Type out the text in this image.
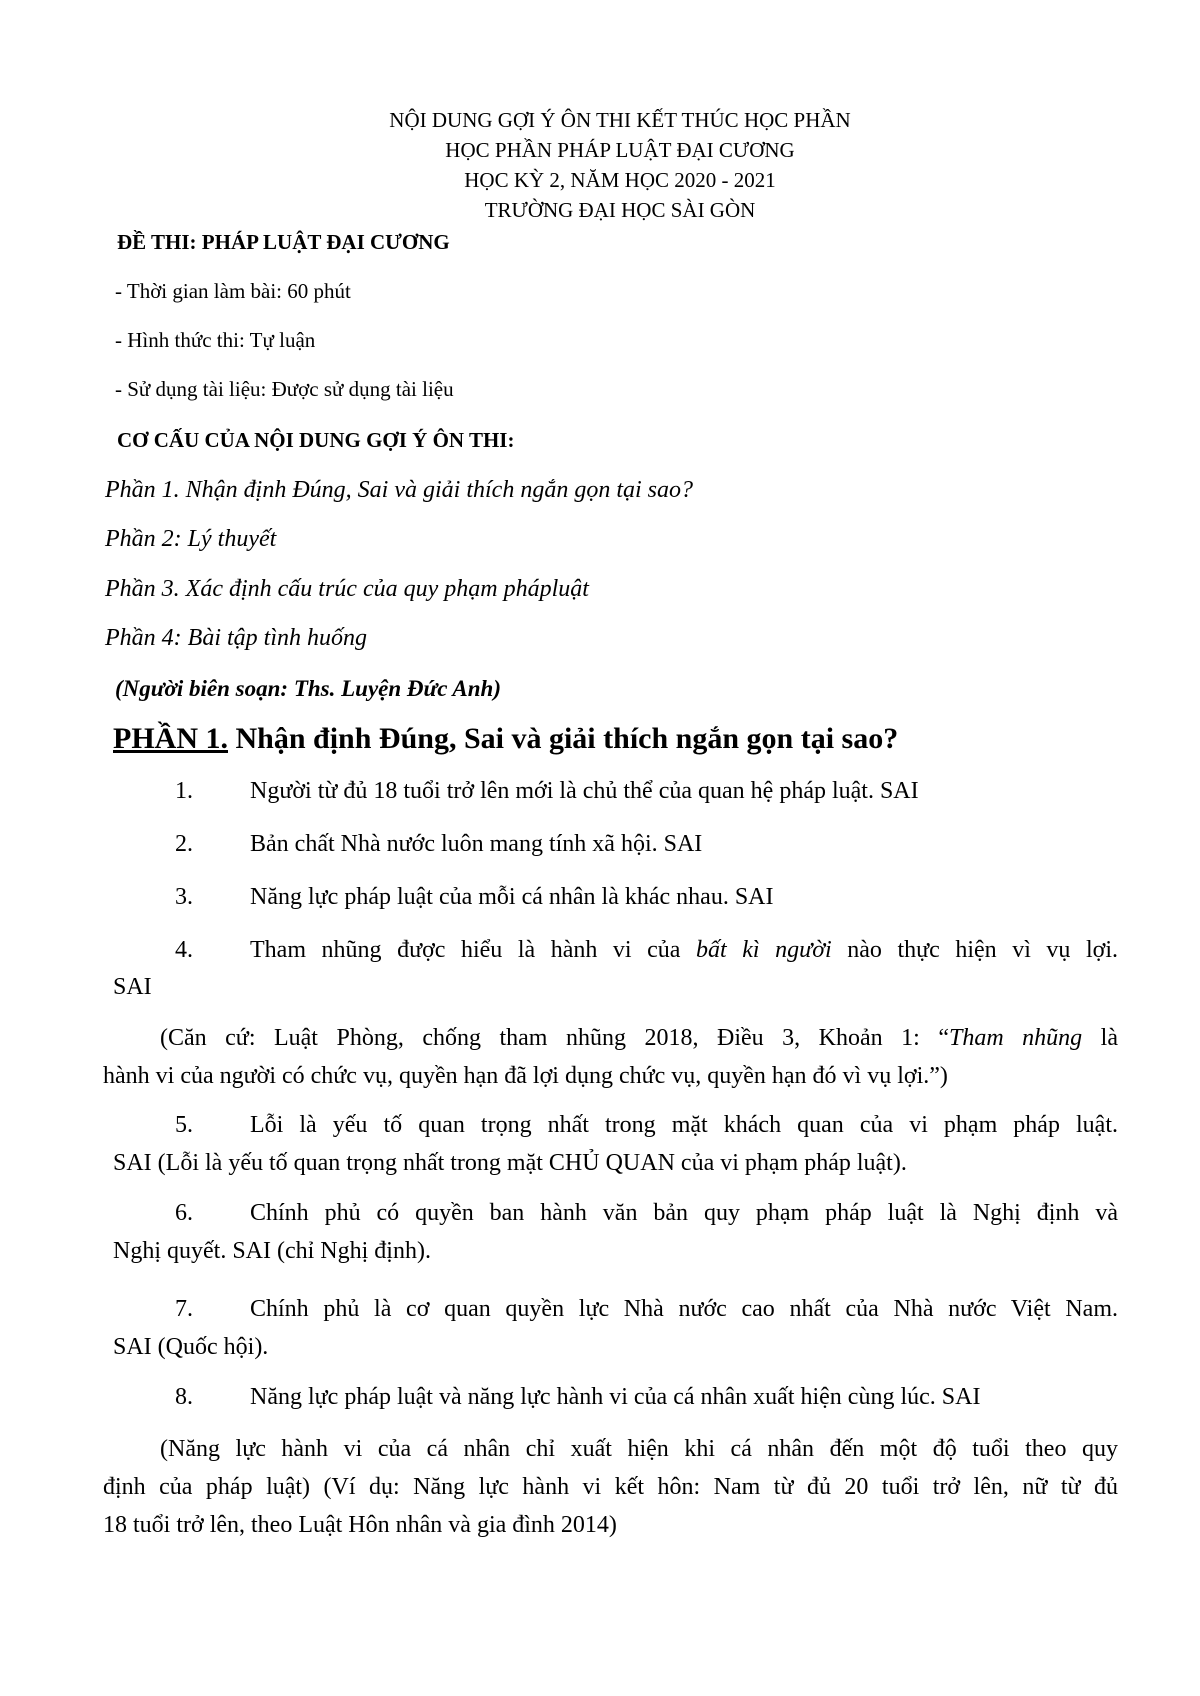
NỘI DUNG GỢI Ý ÔN THI KẾT THÚC HỌC PHẦN
HỌC PHẦN PHÁP LUẬT ĐẠI CƯƠNG
HỌC KỲ 2, NĂM HỌC 2020 - 2021
TRƯỜNG ĐẠI HỌC SÀI GÒN
ĐỀ THI: PHÁP LUẬT ĐẠI CƯƠNG
- Thời gian làm bài: 60 phút
- Hình thức thi: Tự luận
- Sử dụng tài liệu: Được sử dụng tài liệu
CƠ CẤU CỦA NỘI DUNG GỢI Ý ÔN THI:
Phần 1. Nhận định Đúng, Sai và giải thích ngắn gọn tại sao?
Phần 2: Lý thuyết
Phần 3. Xác định cấu trúc của quy phạm phápluật
Phần 4: Bài tập tình huống
(Người biên soạn: Ths. Luyện Đức Anh)
PHẦN 1. Nhận định Đúng, Sai và giải thích ngắn gọn tại sao?
1. Người từ đủ 18 tuổi trở lên mới là chủ thể của quan hệ pháp luật. SAI
2. Bản chất Nhà nước luôn mang tính xã hội. SAI
3. Năng lực pháp luật của mỗi cá nhân là khác nhau. SAI
4. Tham nhũng được hiểu là hành vi của bất kì người nào thực hiện vì vụ lợi.
SAI
(Căn cứ: Luật Phòng, chống tham nhũng 2018, Điều 3, Khoản 1: “Tham nhũng là
hành vi của người có chức vụ, quyền hạn đã lợi dụng chức vụ, quyền hạn đó vì vụ lợi.”)
5. Lỗi là yếu tố quan trọng nhất trong mặt khách quan của vi phạm pháp luật.
SAI (Lỗi là yếu tố quan trọng nhất trong mặt CHỦ QUAN của vi phạm pháp luật).
6. Chính phủ có quyền ban hành văn bản quy phạm pháp luật là Nghị định và
Nghị quyết. SAI (chỉ Nghị định).
7. Chính phủ là cơ quan quyền lực Nhà nước cao nhất của Nhà nước Việt Nam.
SAI (Quốc hội).
8. Năng lực pháp luật và năng lực hành vi của cá nhân xuất hiện cùng lúc. SAI
(Năng lực hành vi của cá nhân chỉ xuất hiện khi cá nhân đến một độ tuổi theo quy
định của pháp luật) (Ví dụ: Năng lực hành vi kết hôn: Nam từ đủ 20 tuổi trở lên, nữ từ đủ
18 tuổi trở lên, theo Luật Hôn nhân và gia đình 2014)
